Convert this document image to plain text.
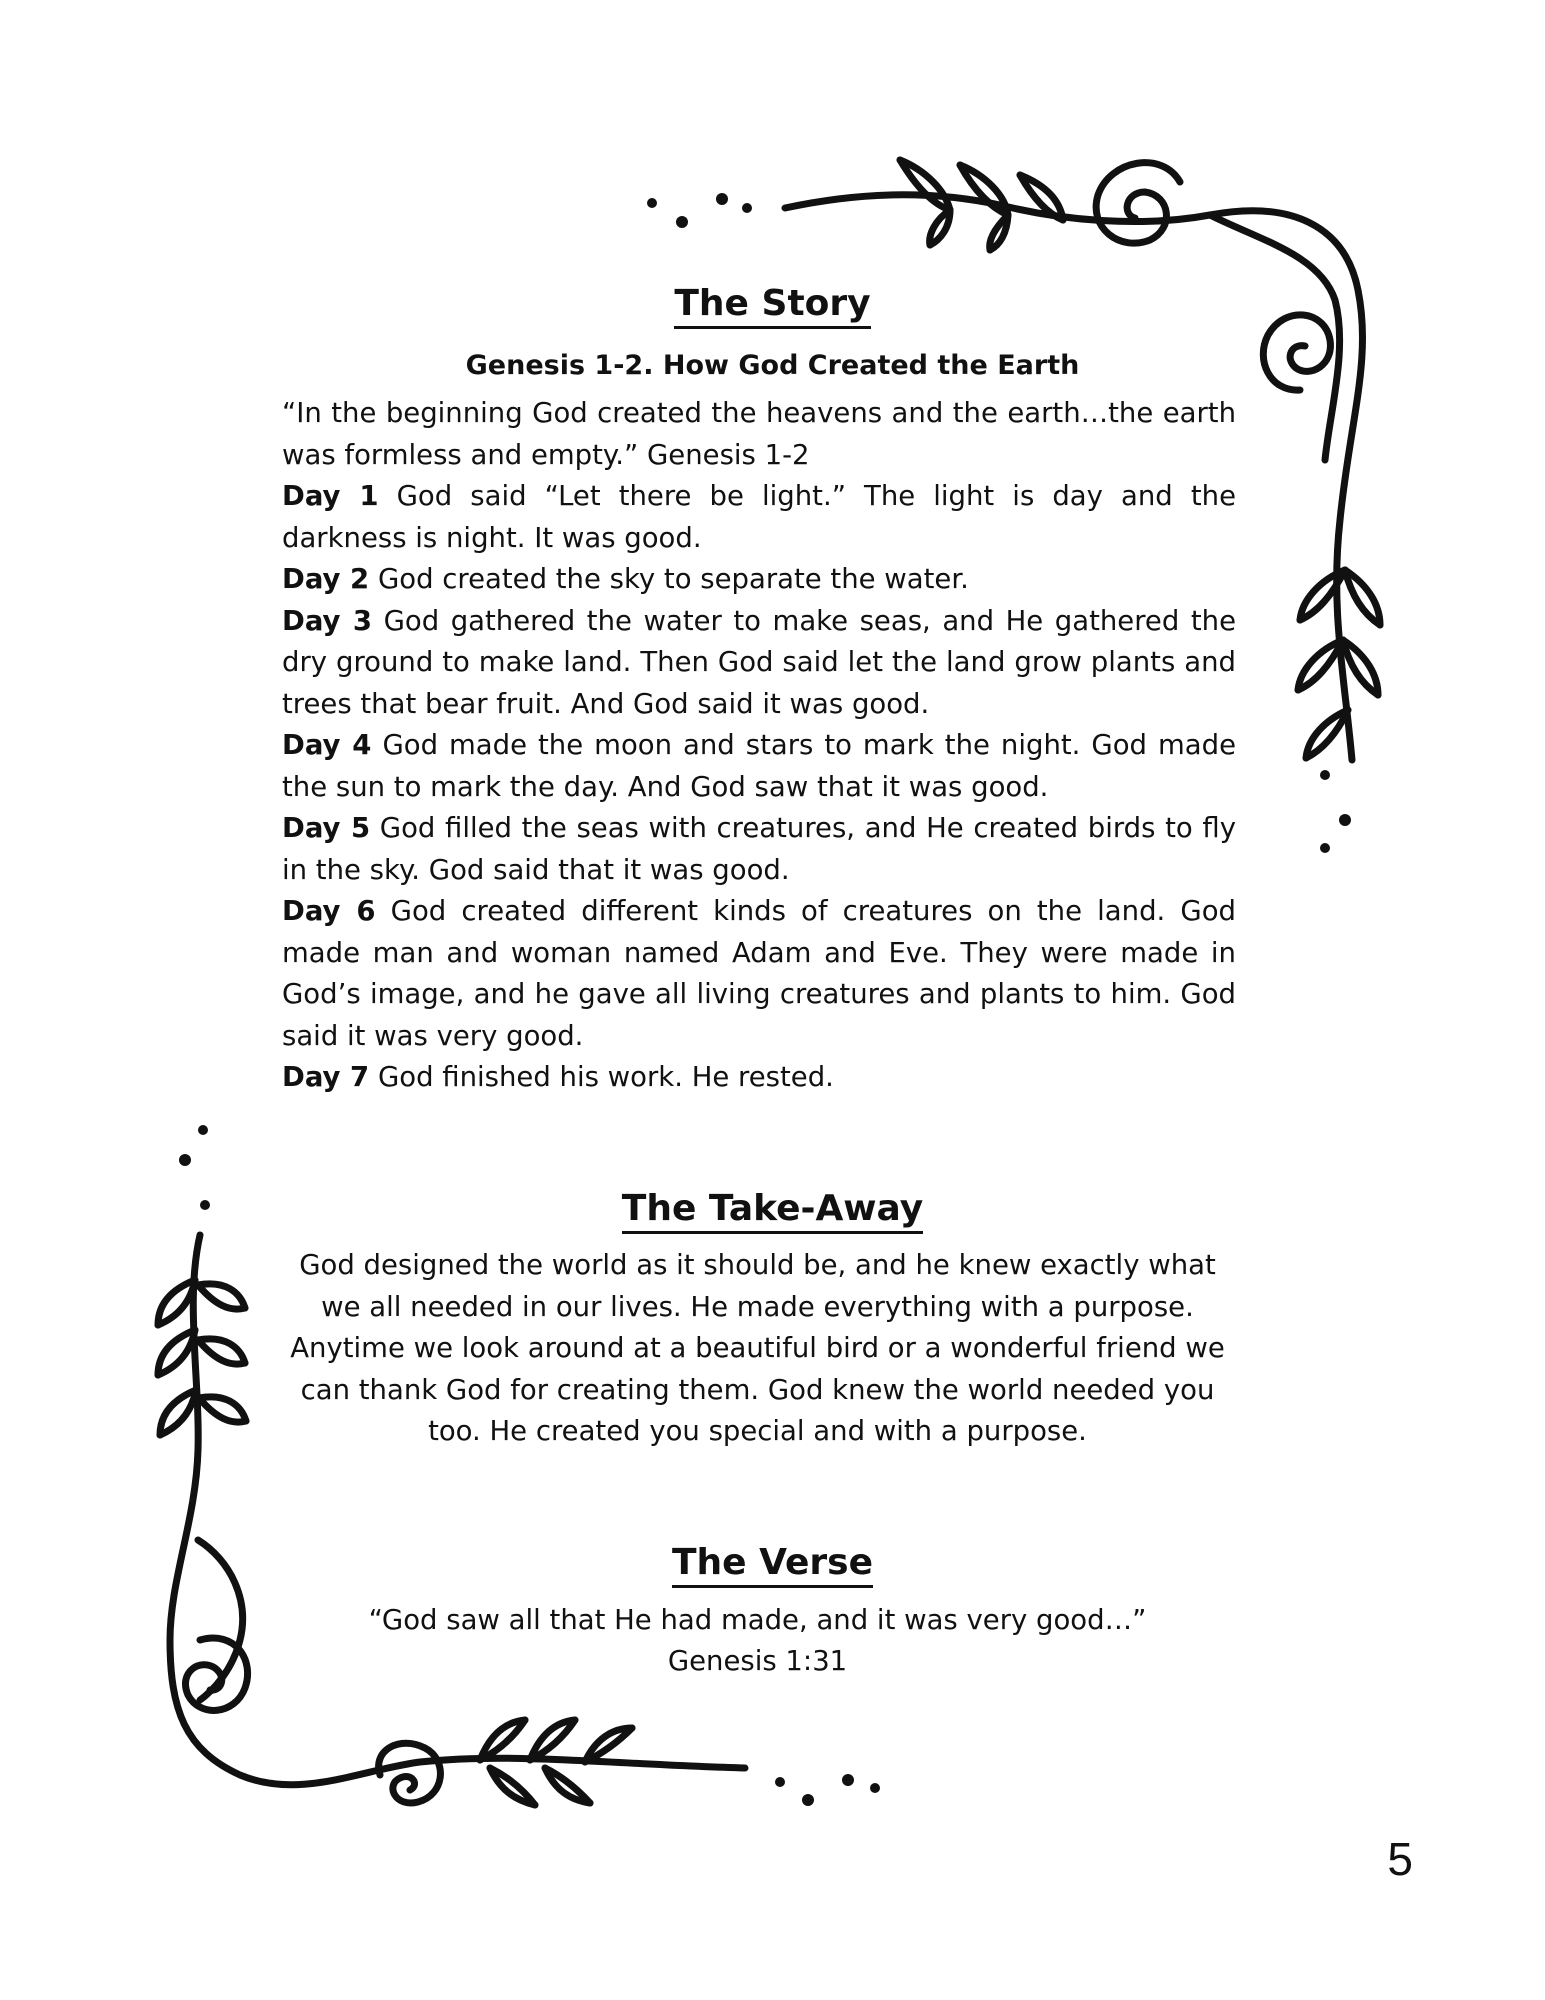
The Story
Genesis 1-2. How God Created the Earth

“In the beginning God created the heavens and the earth…the earth was formless and empty.” Genesis 1-2

Day 1 God said “Let there be light.” The light is day and the darkness is night. It was good.

Day 2 God created the sky to separate the water.

Day 3 God gathered the water to make seas, and He gathered the dry ground to make land. Then God said let the land grow plants and trees that bear fruit. And God said it was good.

Day 4 God made the moon and stars to mark the night. God made the sun to mark the day. And God saw that it was good.

Day 5 God filled the seas with creatures, and He created birds to fly in the sky. God said that it was good.

Day 6 God created different kinds of creatures on the land. God made man and woman named Adam and Eve. They were made in God’s image, and he gave all living creatures and plants to him. God said it was very good.

Day 7 God finished his work. He rested.

The Take-Away

God designed the world as it should be, and he knew exactly what we all needed in our lives. He made everything with a purpose. Anytime we look around at a beautiful bird or a wonderful friend we can thank God for creating them. God knew the world needed you too. He created you special and with a purpose.

The Verse

“God saw all that He had made, and it was very good…”

Genesis 1:31

5
